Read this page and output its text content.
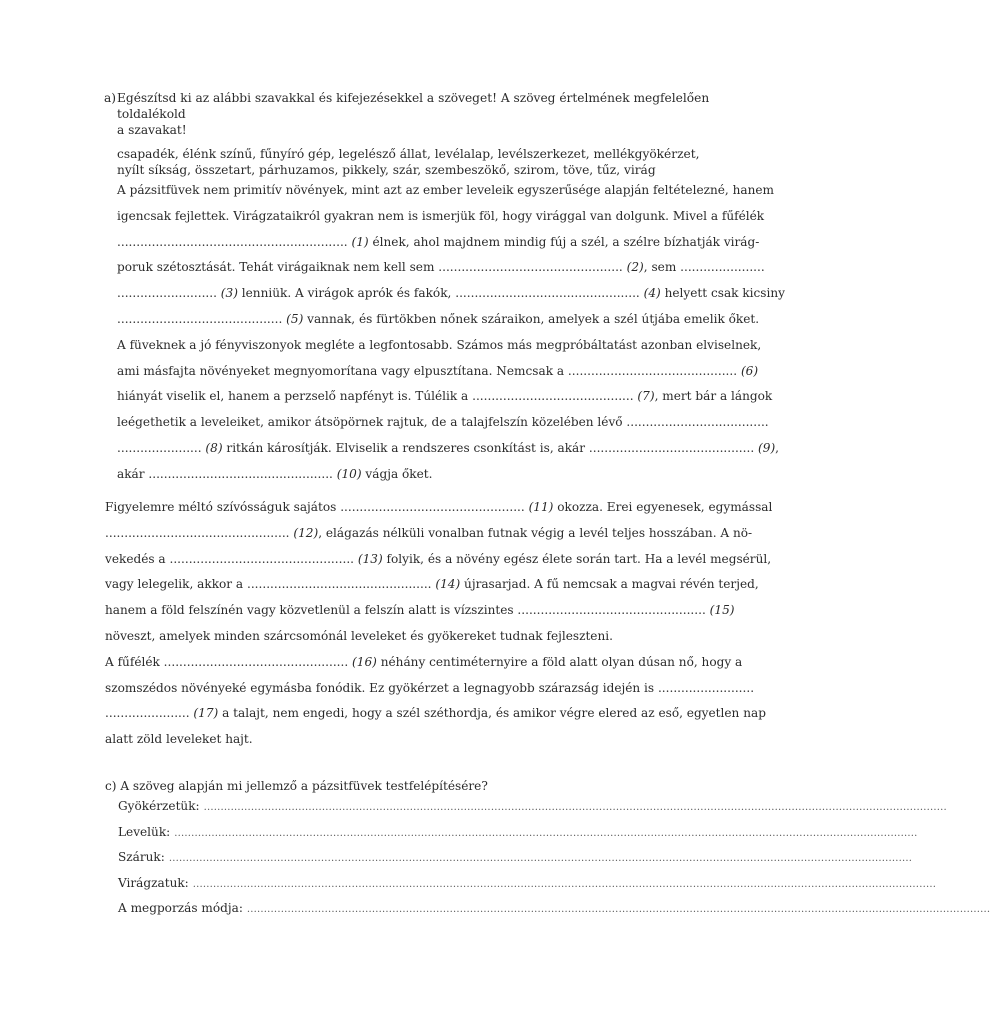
a) Egészítsd ki az alábbi szavakkal és kifejezésekkel a szöveget! A szöveg értelmének megfelelően toldalékold
a szavakat!
csapadék, élénk színű, fűnyíró gép, legelésző állat, levélalap, levélszerkezet, mellékgyökérzet,
nyílt síkság, összetart, párhuzamos, pikkely, szár, szembeszökő, szirom, töve, tűz, virág
A pázsitfüvek nem primitív növények, mint azt az ember leveleik egyszerűsége alapján feltételezné, hanem
igencsak fejlettek. Virágzataikról gyakran nem is ismerjük föl, hogy virággal van dolgunk. Mivel a fűfélék
............................................................ (1) élnek, ahol majdnem mindig fúj a szél, a szélre bízhatják virág-
poruk szétosztását. Tehát virágaiknak nem kell sem ................................................ (2), sem ......................
.......................... (3) lenniük. A virágok aprók és fakók, ................................................ (4) helyett csak kicsiny
........................................... (5) vannak, és fürtökben nőnek száraikon, amelyek a szél útjába emelik őket.
A füveknek a jó fényviszonyok megléte a legfontosabb. Számos más megpróbáltatást azonban elviselnek,
ami másfajta növényeket megnyomorítana vagy elpusztítana. Nemcsak a ............................................ (6)
hiányát viselik el, hanem a perzselő napfényt is. Túlélik a .......................................... (7), mert bár a lángok
leégethetik a leveleiket, amikor átsöpörnek rajtuk, de a talajfelszín közelében lévő .....................................
...................... (8) ritkán károsítják. Elviselik a rendszeres csonkítást is, akár ........................................... (9),
akár ................................................ (10) vágja őket.
Figyelemre méltó szívósságuk sajátos ................................................ (11) okozza. Erei egyenesek, egymással
................................................ (12), elágazás nélküli vonalban futnak végig a levél teljes hosszában. A nö-
vekedés a ................................................ (13) folyik, és a növény egész élete során tart. Ha a levél megsérül,
vagy lelegelik, akkor a ................................................ (14) újrasarjad. A fű nemcsak a magvai révén terjed,
hanem a föld felszínén vagy közvetlenül a felszín alatt is vízszintes ................................................. (15)
növeszt, amelyek minden szárcsomónál leveleket és gyökereket tudnak fejleszteni.
A fűfélék ................................................ (16) néhány centiméternyire a föld alatt olyan dúsan nő, hogy a
szomszédos növényeké egymásba fonódik. Ez gyökérzet a legnagyobb szárazság idején is .........................
...................... (17) a talajt, nem engedi, hogy a szél széthordja, és amikor végre elered az eső, egyetlen nap
alatt zöld leveleket hajt.
c) A szöveg alapján mi jellemző a pázsitfüvek testfelépítésére?
Gyökérzetük: ............................................................................................................................................................................................................................
Levelük: ............................................................................................................................................................................................................................
Száruk: ............................................................................................................................................................................................................................
Virágzatuk: ............................................................................................................................................................................................................................
A megporzás módja: ............................................................................................................................................................................................................................
